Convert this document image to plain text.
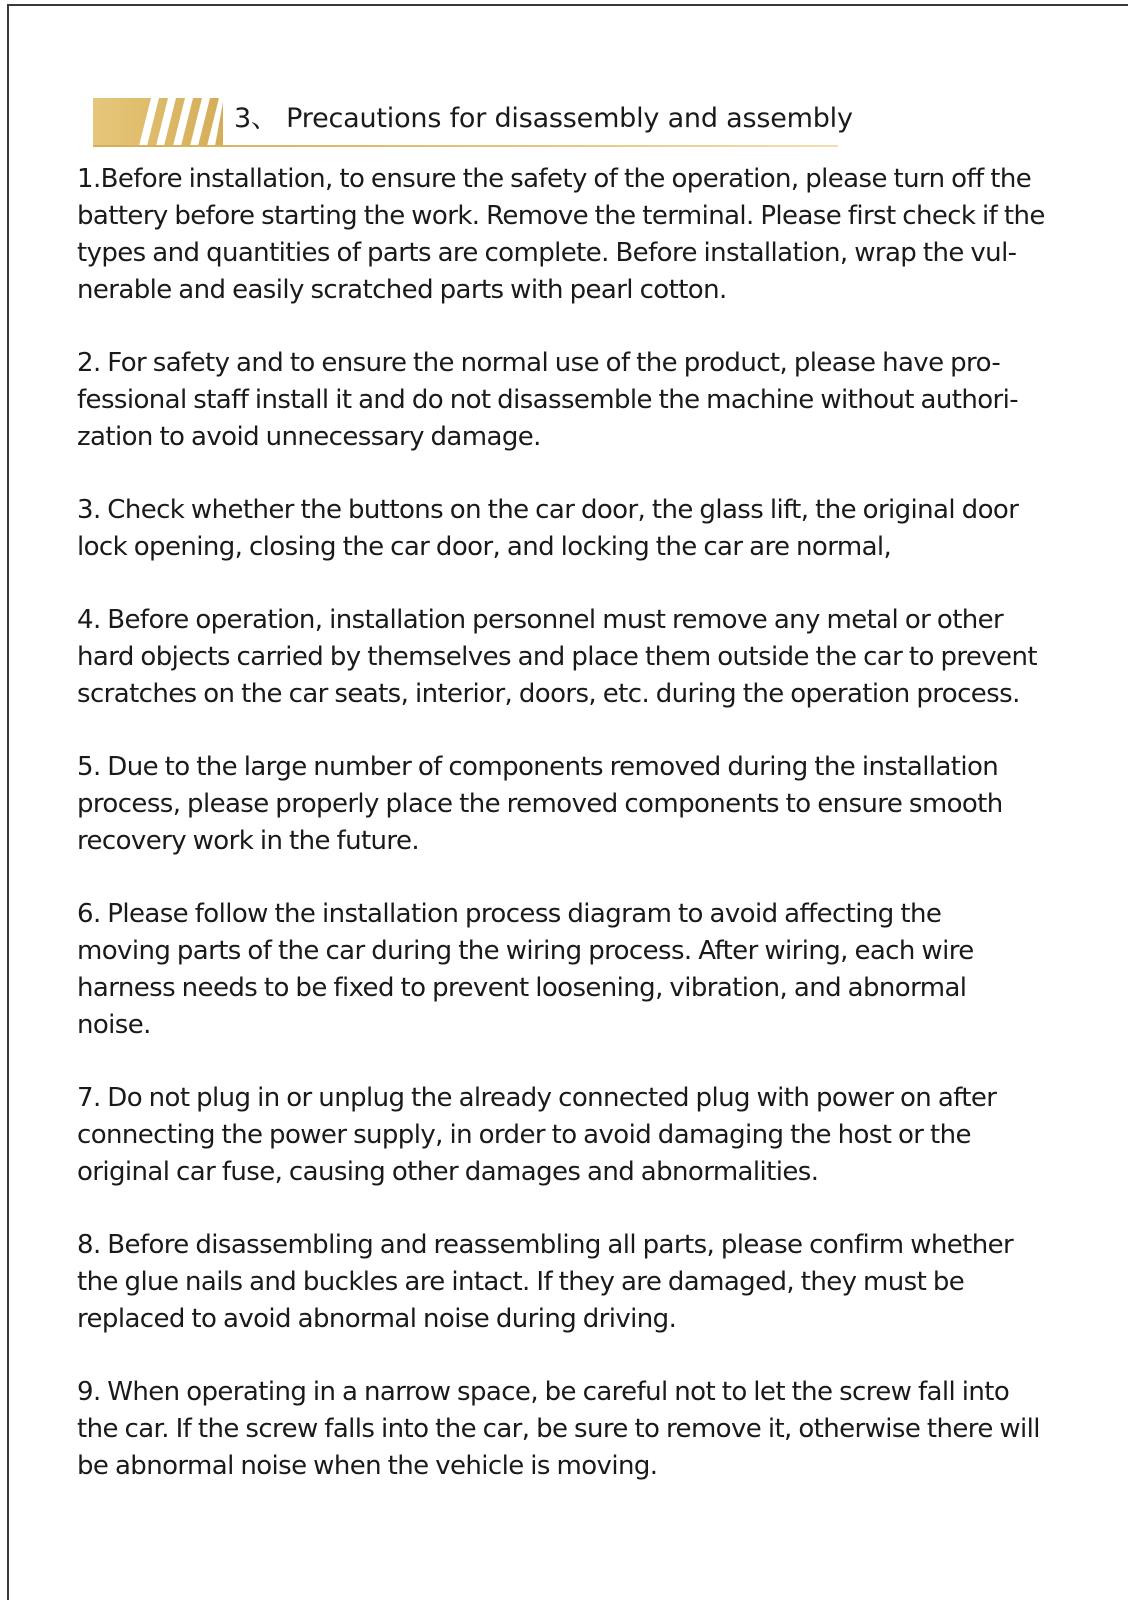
3、 Precautions for disassembly and assembly
1.Before installation, to ensure the safety of the operation, please turn off the
battery before starting the work. Remove the terminal. Please first check if the
types and quantities of parts are complete. Before installation, wrap the vul-
nerable and easily scratched parts with pearl cotton.
2. For safety and to ensure the normal use of the product, please have pro-
fessional staff install it and do not disassemble the machine without authori-
zation to avoid unnecessary damage.
3. Check whether the buttons on the car door, the glass lift, the original door
lock opening, closing the car door, and locking the car are normal,
4. Before operation, installation personnel must remove any metal or other
hard objects carried by themselves and place them outside the car to prevent
scratches on the car seats, interior, doors, etc. during the operation process.
5. Due to the large number of components removed during the installation
process, please properly place the removed components to ensure smooth
recovery work in the future.
6. Please follow the installation process diagram to avoid affecting the
moving parts of the car during the wiring process. After wiring, each wire
harness needs to be fixed to prevent loosening, vibration, and abnormal
noise.
7. Do not plug in or unplug the already connected plug with power on after
connecting the power supply, in order to avoid damaging the host or the
original car fuse, causing other damages and abnormalities.
8. Before disassembling and reassembling all parts, please confirm whether
the glue nails and buckles are intact. If they are damaged, they must be
replaced to avoid abnormal noise during driving.
9. When operating in a narrow space, be careful not to let the screw fall into
the car. If the screw falls into the car, be sure to remove it, otherwise there will
be abnormal noise when the vehicle is moving.
